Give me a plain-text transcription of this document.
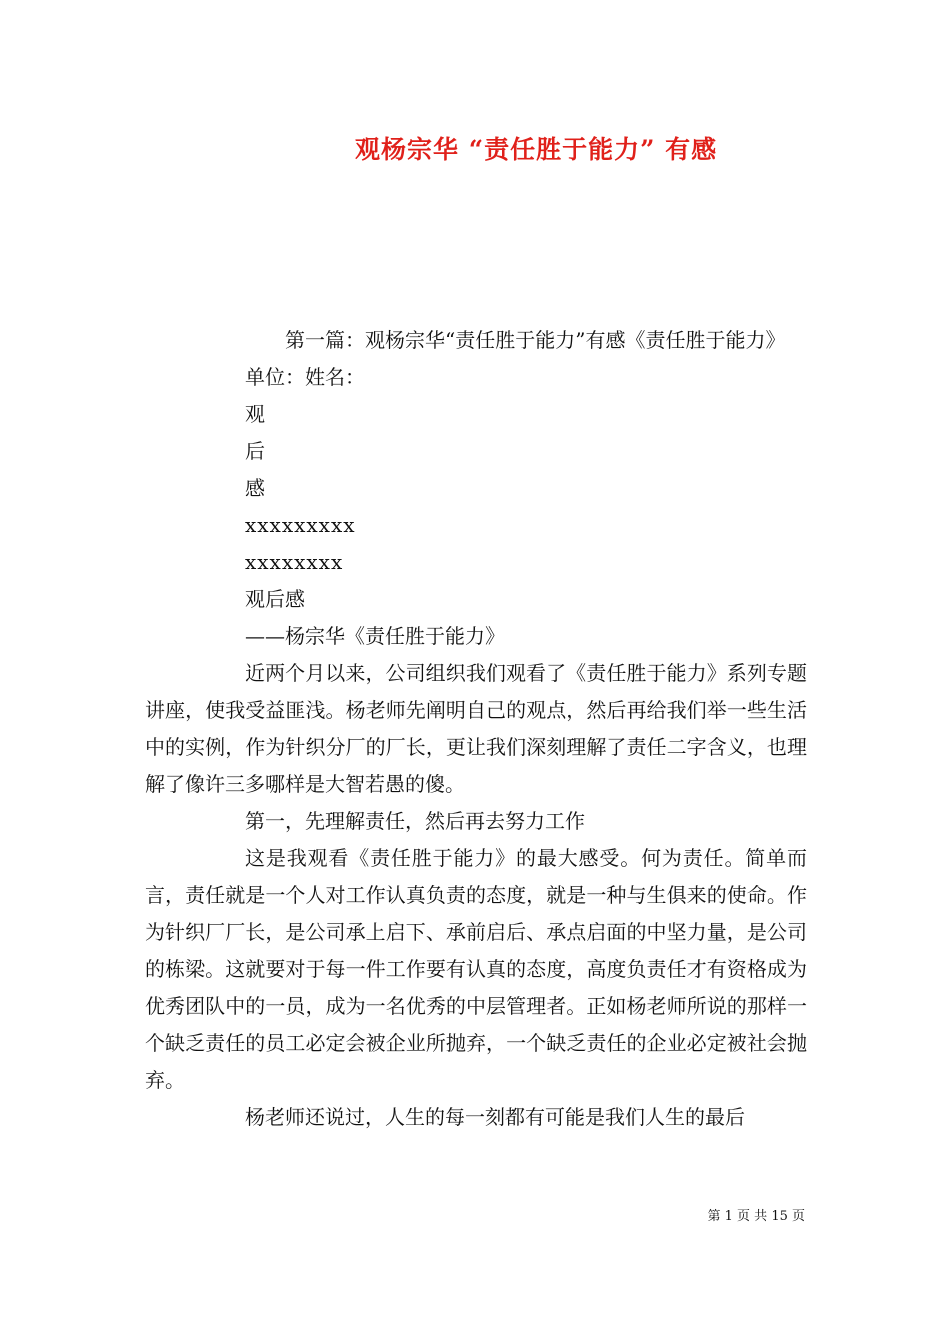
观杨宗华 “责任胜于能力” 有感

第一篇：观杨宗华“责任胜于能力”有感《责任胜于能力》

单位：姓名：

观

后

感

xxxxxxxxx

xxxxxxxx

观后感

——杨宗华《责任胜于能力》

近两个月以来，公司组织我们观看了《责任胜于能力》系列专题讲座，使我受益匪浅。杨老师先阐明自己的观点，然后再给我们举一些生活中的实例，作为针织分厂的厂长，更让我们深刻理解了责任二字含义，也理解了像许三多哪样是大智若愚的傻。

第一，先理解责任，然后再去努力工作

这是我观看《责任胜于能力》的最大感受。何为责任。简单而言，责任就是一个人对工作认真负责的态度，就是一种与生俱来的使命。作为针织厂厂长，是公司承上启下、承前启后、承点启面的中坚力量，是公司的栋梁。这就要对于每一件工作要有认真的态度，高度负责任才有资格成为优秀团队中的一员，成为一名优秀的中层管理者。正如杨老师所说的那样一个缺乏责任的员工必定会被企业所抛弃，一个缺乏责任的企业必定被社会抛弃。

杨老师还说过，人生的每一刻都有可能是我们人生的最后

第 1 页 共 15 页
